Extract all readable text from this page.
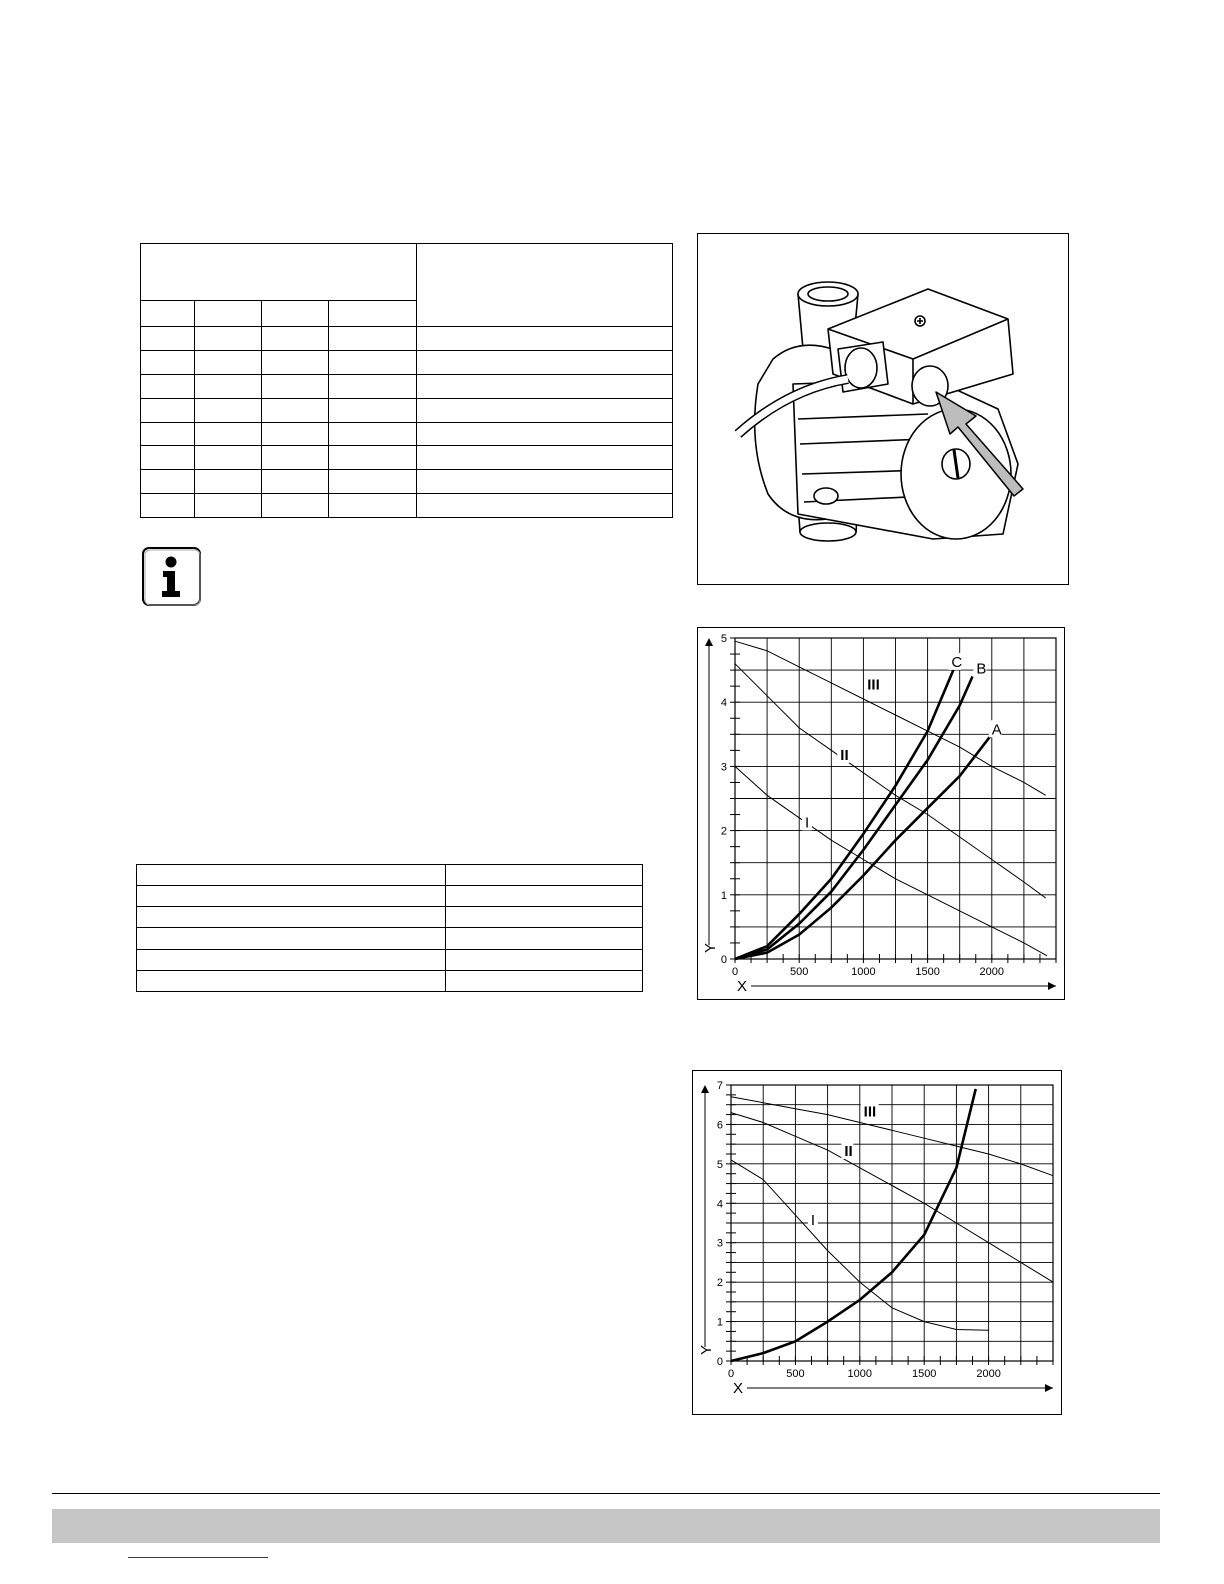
0	500	1000	1500	2000
0
1
2
3
4
5
X
Y
I
II
III
A
B
C
0	500	1000	1500	2000
0
1
2
3
4
5
6
7
X
Y
I
II
III
